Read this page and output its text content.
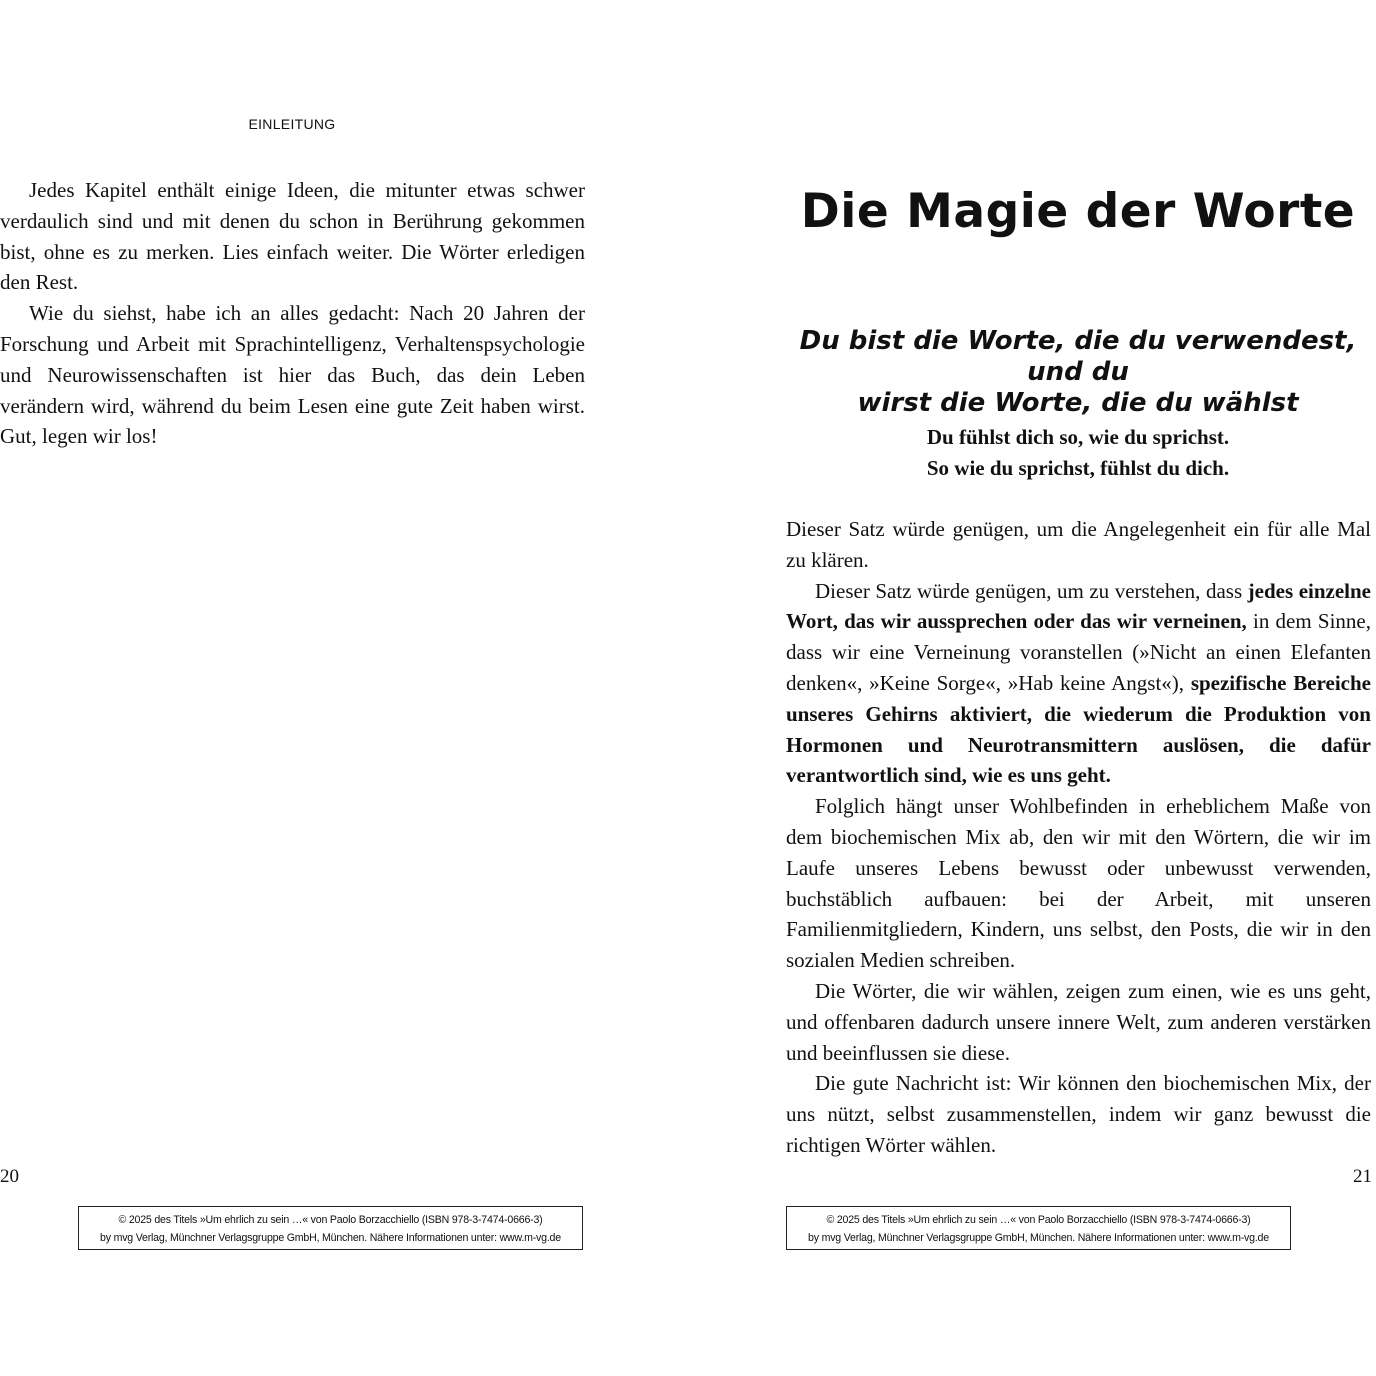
EINLEITUNG

Jedes Kapitel enthält einige Ideen, die mitunter etwas schwer verdaulich sind und mit denen du schon in Berührung gekommen bist, ohne es zu merken. Lies einfach weiter. Die Wörter erledigen den Rest.

Wie du siehst, habe ich an alles gedacht: Nach 20 Jahren der Forschung und Arbeit mit Sprachintelligenz, Verhaltenspsychologie und Neurowissenschaften ist hier das Buch, das dein Leben verändern wird, während du beim Lesen eine gute Zeit haben wirst. Gut, legen wir los!

20
© 2025 des Titels »Um ehrlich zu sein …« von Paolo Borzacchiello (ISBN 978-3-7474-0666-3)
by mvg Verlag, Münchner Verlagsgruppe GmbH, München. Nähere Informationen unter: www.m-vg.de
Die Magie der Worte
Du bist die Worte, die du verwendest, und du
wirst die Worte, die du wählst
Du fühlst dich so, wie du sprichst.
So wie du sprichst, fühlst du dich.

Dieser Satz würde genügen, um die Angelegenheit ein für alle Mal zu klären.

Dieser Satz würde genügen, um zu verstehen, dass jedes einzelne Wort, das wir aussprechen oder das wir verneinen, in dem Sinne, dass wir eine Verneinung voranstellen (»Nicht an einen Elefanten denken«, »Keine Sorge«, »Hab keine Angst«), spezifische Bereiche unseres Gehirns aktiviert, die wiederum die Produktion von Hormonen und Neurotransmittern auslösen, die dafür verantwortlich sind, wie es uns geht.

Folglich hängt unser Wohlbefinden in erheblichem Maße von dem biochemischen Mix ab, den wir mit den Wörtern, die wir im Laufe unseres Lebens bewusst oder unbewusst verwenden, buchstäblich aufbauen: bei der Arbeit, mit unseren Familienmitgliedern, Kindern, uns selbst, den Posts, die wir in den sozialen Medien schreiben.

Die Wörter, die wir wählen, zeigen zum einen, wie es uns geht, und offenbaren dadurch unsere innere Welt, zum anderen verstärken und beeinflussen sie diese.

Die gute Nachricht ist: Wir können den biochemischen Mix, der uns nützt, selbst zusammenstellen, indem wir ganz bewusst die richtigen Wörter wählen.

21
© 2025 des Titels »Um ehrlich zu sein …« von Paolo Borzacchiello (ISBN 978-3-7474-0666-3)
by mvg Verlag, Münchner Verlagsgruppe GmbH, München. Nähere Informationen unter: www.m-vg.de
